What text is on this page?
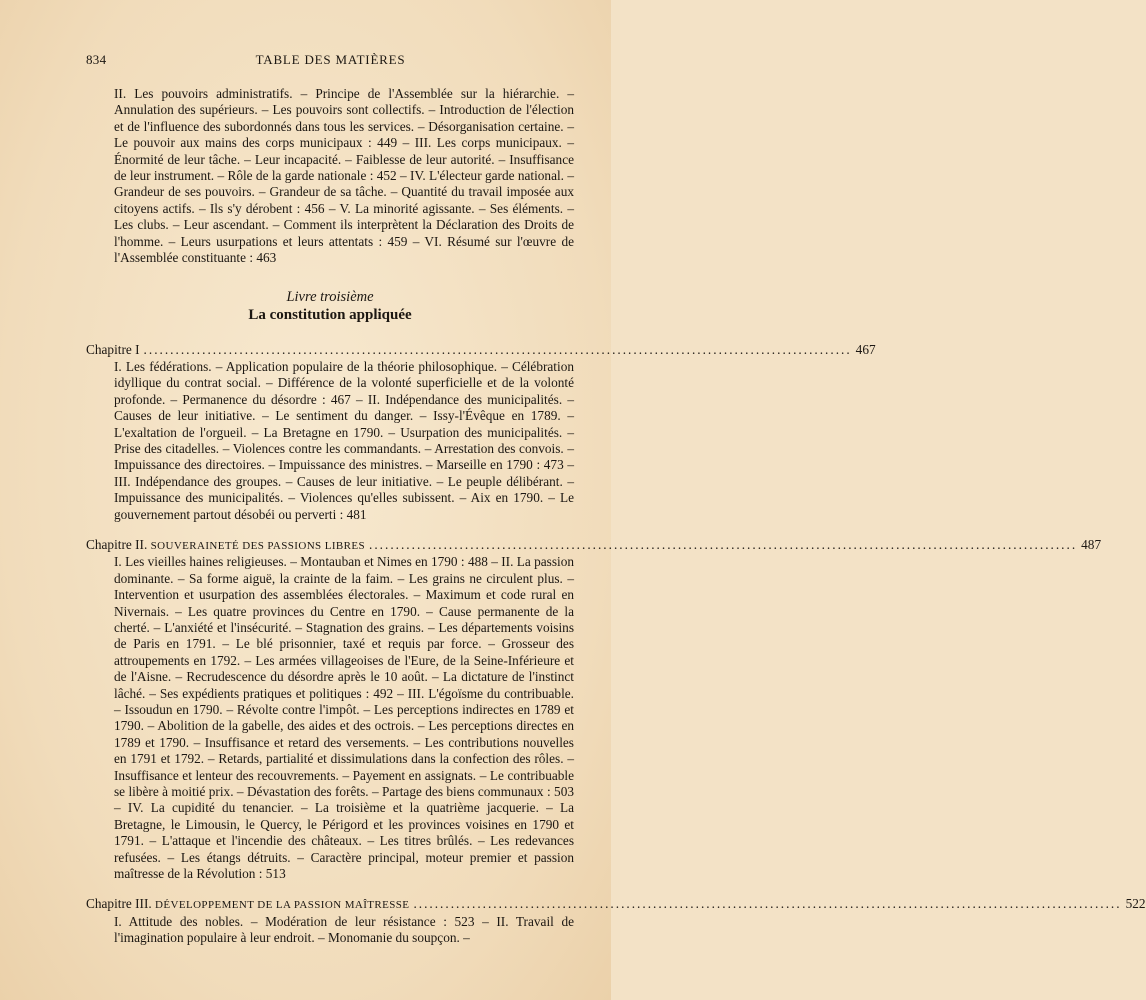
834	TABLE DES MATIÈRES

II. Les pouvoirs administratifs. – Principe de l'Assemblée sur la hiérarchie. – Annulation des supérieurs. – Les pouvoirs sont collectifs. – Introduction de l'élection et de l'influence des subordonnés dans tous les services. – Désorganisation certaine. – Le pouvoir aux mains des corps municipaux : 449 – III. Les corps municipaux. – Énormité de leur tâche. – Leur incapacité. – Faiblesse de leur autorité. – Insuffisance de leur instrument. – Rôle de la garde nationale : 452 – IV. L'électeur garde national. – Grandeur de ses pouvoirs. – Grandeur de sa tâche. – Quantité du travail imposée aux citoyens actifs. – Ils s'y dérobent : 456 – V. La minorité agissante. – Ses éléments. – Les clubs. – Leur ascendant. – Comment ils interprètent la Déclaration des Droits de l'homme. – Leurs usurpations et leurs attentats : 459 – VI. Résumé sur l'œuvre de l'Assemblée constituante : 463

Livre troisième
La constitution appliquée
Chapitre I ..................................................................................................................................... 467

I. Les fédérations. – Application populaire de la théorie philosophique. – Célébration idyllique du contrat social. – Différence de la volonté superficielle et de la volonté profonde. – Permanence du désordre : 467 – II. Indépendance des municipalités. – Causes de leur initiative. – Le sentiment du danger. – Issy-l'Évêque en 1789. – L'exaltation de l'orgueil. – La Bretagne en 1790. – Usurpation des municipalités. – Prise des citadelles. – Violences contre les commandants. – Arrestation des convois. – Impuissance des directoires. – Impuissance des ministres. – Marseille en 1790 : 473 – III. Indépendance des groupes. – Causes de leur initiative. – Le peuple délibérant. – Impuissance des municipalités. – Violences qu'elles subissent. – Aix en 1790. – Le gouvernement partout désobéi ou perverti : 481

Chapitre II. SOUVERAINETÉ DES PASSIONS LIBRES ..................................................................................................................................... 487

I. Les vieilles haines religieuses. – Montauban et Nimes en 1790 : 488 – II. La passion dominante. – Sa forme aiguë, la crainte de la faim. – Les grains ne circulent plus. – Intervention et usurpation des assemblées électorales. – Maximum et code rural en Nivernais. – Les quatre provinces du Centre en 1790. – Cause permanente de la cherté. – L'anxiété et l'insécurité. – Stagnation des grains. – Les départements voisins de Paris en 1791. – Le blé prisonnier, taxé et requis par force. – Grosseur des attroupements en 1792. – Les armées villageoises de l'Eure, de la Seine-Inférieure et de l'Aisne. – Recrudescence du désordre après le 10 août. – La dictature de l'instinct lâché. – Ses expédients pratiques et politiques : 492 – III. L'égoïsme du contribuable. – Issoudun en 1790. – Révolte contre l'impôt. – Les perceptions indirectes en 1789 et 1790. – Abolition de la gabelle, des aides et des octrois. – Les perceptions directes en 1789 et 1790. – Insuffisance et retard des versements. – Les contributions nouvelles en 1791 et 1792. – Retards, partialité et dissimulations dans la confection des rôles. – Insuffisance et lenteur des recouvrements. – Payement en assignats. – Le contribuable se libère à moitié prix. – Dévastation des forêts. – Partage des biens communaux : 503 – IV. La cupidité du tenancier. – La troisième et la quatrième jacquerie. – La Bretagne, le Limousin, le Quercy, le Périgord et les provinces voisines en 1790 et 1791. – L'attaque et l'incendie des châteaux. – Les titres brûlés. – Les redevances refusées. – Les étangs détruits. – Caractère principal, moteur premier et passion maîtresse de la Révolution : 513

Chapitre III. DÉVELOPPEMENT DE LA PASSION MAÎTRESSE ..................................................................................................................................... 522

I. Attitude des nobles. – Modération de leur résistance : 523 – II. Travail de l'imagination populaire à leur endroit. – Monomanie du soupçon. –
